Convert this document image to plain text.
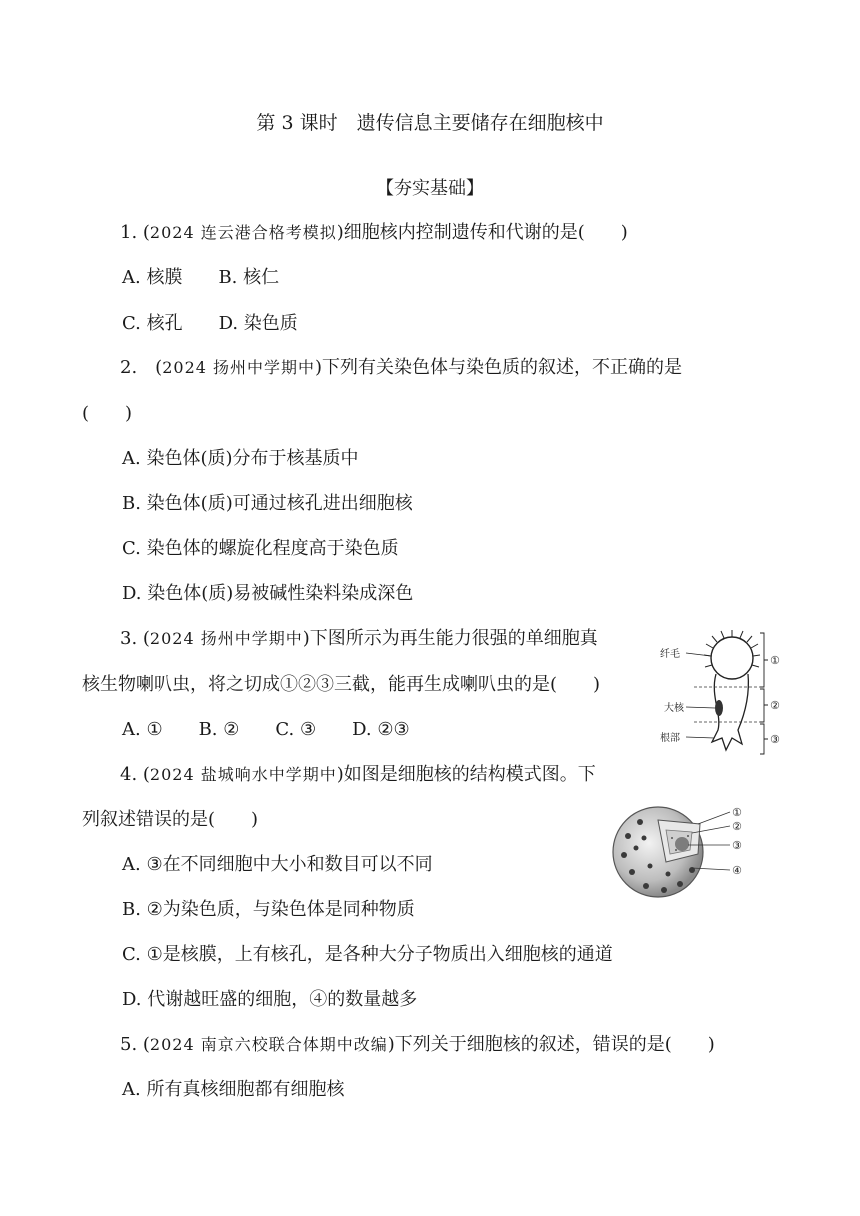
第 3 课时　遗传信息主要储存在细胞核中
【夯实基础】
1. (2024 连云港合格考模拟)细胞核内控制遗传和代谢的是(　　)
A. 核膜　　B. 核仁
C. 核孔　　D. 染色质
2.　(2024 扬州中学期中)下列有关染色体与染色质的叙述，不正确的是
(　　)
A. 染色体(质)分布于核基质中
B. 染色体(质)可通过核孔进出细胞核
C. 染色体的螺旋化程度高于染色质
D. 染色体(质)易被碱性染料染成深色
3. (2024 扬州中学期中)下图所示为再生能力很强的单细胞真
核生物喇叭虫，将之切成①②③三截，能再生成喇叭虫的是(　　)
A. ①　　B. ②　　C. ③　　D. ②③
纤毛
大核
根部
①
②
③
4. (2024 盐城响水中学期中)如图是细胞核的结构模式图。下
列叙述错误的是(　　)
A. ③在不同细胞中大小和数目可以不同
B. ②为染色质，与染色体是同种物质
C. ①是核膜，上有核孔，是各种大分子物质出入细胞核的通道
D. 代谢越旺盛的细胞，④的数量越多
①
②
③
④
5. (2024 南京六校联合体期中改编)下列关于细胞核的叙述，错误的是(　　)
A. 所有真核细胞都有细胞核
